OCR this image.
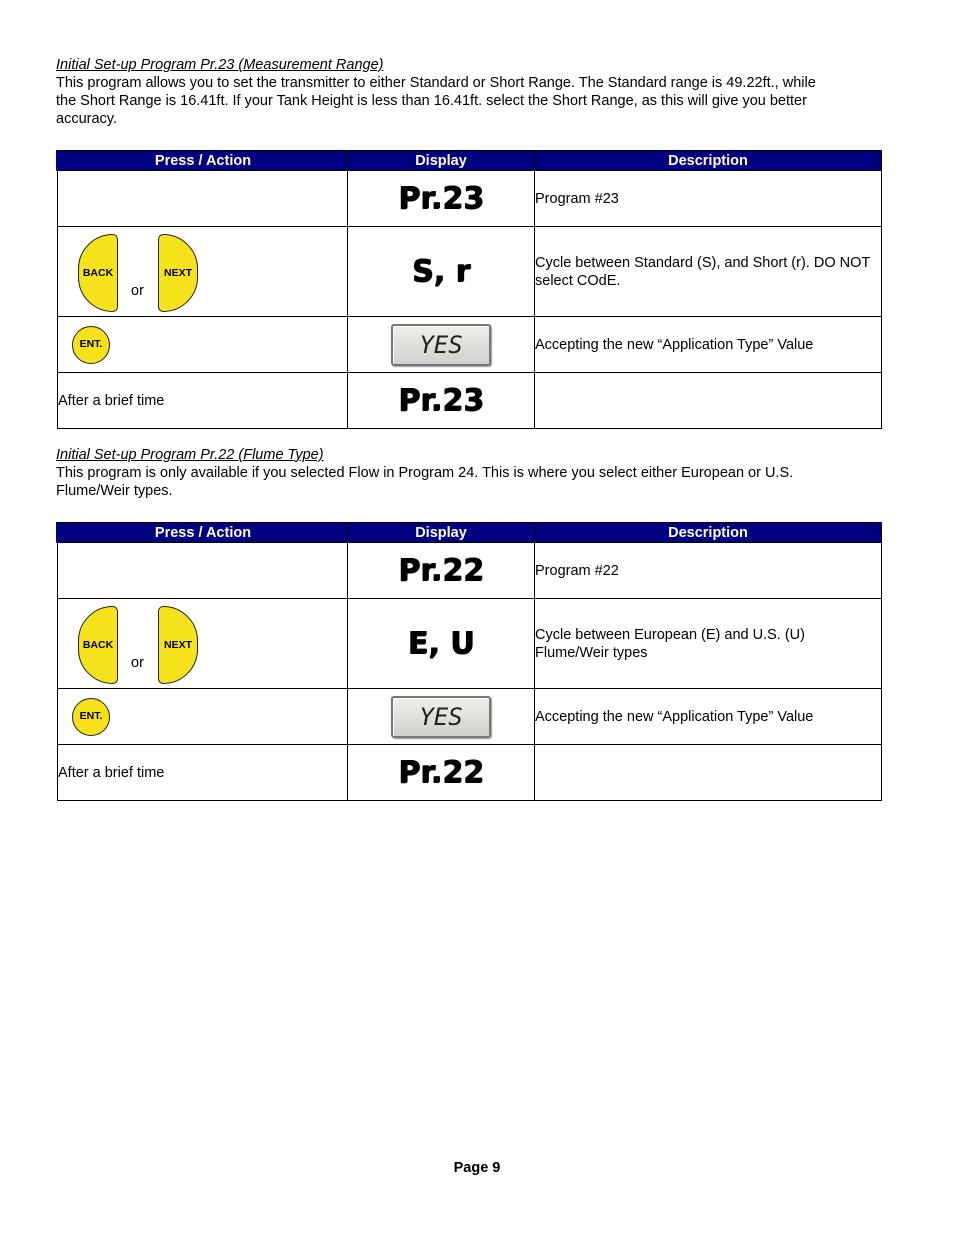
Initial Set-up Program Pr.23 (Measurement Range)

This program allows you to set the transmitter to either Standard or Short Range. The Standard range is 49.22ft., while

the Short Range is 16.41ft. If your Tank Height is less than 16.41ft. select the Short Range, as this will give you better

accuracy.

Press / Action	Display	Description
	Pr.23	Program #23

BACK
or
NEXT	S, r	Cycle between Standard (S), and Short (r). DO NOT select COdE.
ENT.	YES	Accepting the new “Application Type” Value
After a brief time	Pr.23	
Initial Set-up Program Pr.22 (Flume Type)

This program is only available if you selected Flow in Program 24. This is where you select either European or U.S.

Flume/Weir types.

Press / Action	Display	Description
	Pr.22	Program #22

BACK
or
NEXT	E, U	Cycle between European (E) and U.S. (U) Flume/Weir types
ENT.	YES	Accepting the new “Application Type” Value
After a brief time	Pr.22	
Page 9
